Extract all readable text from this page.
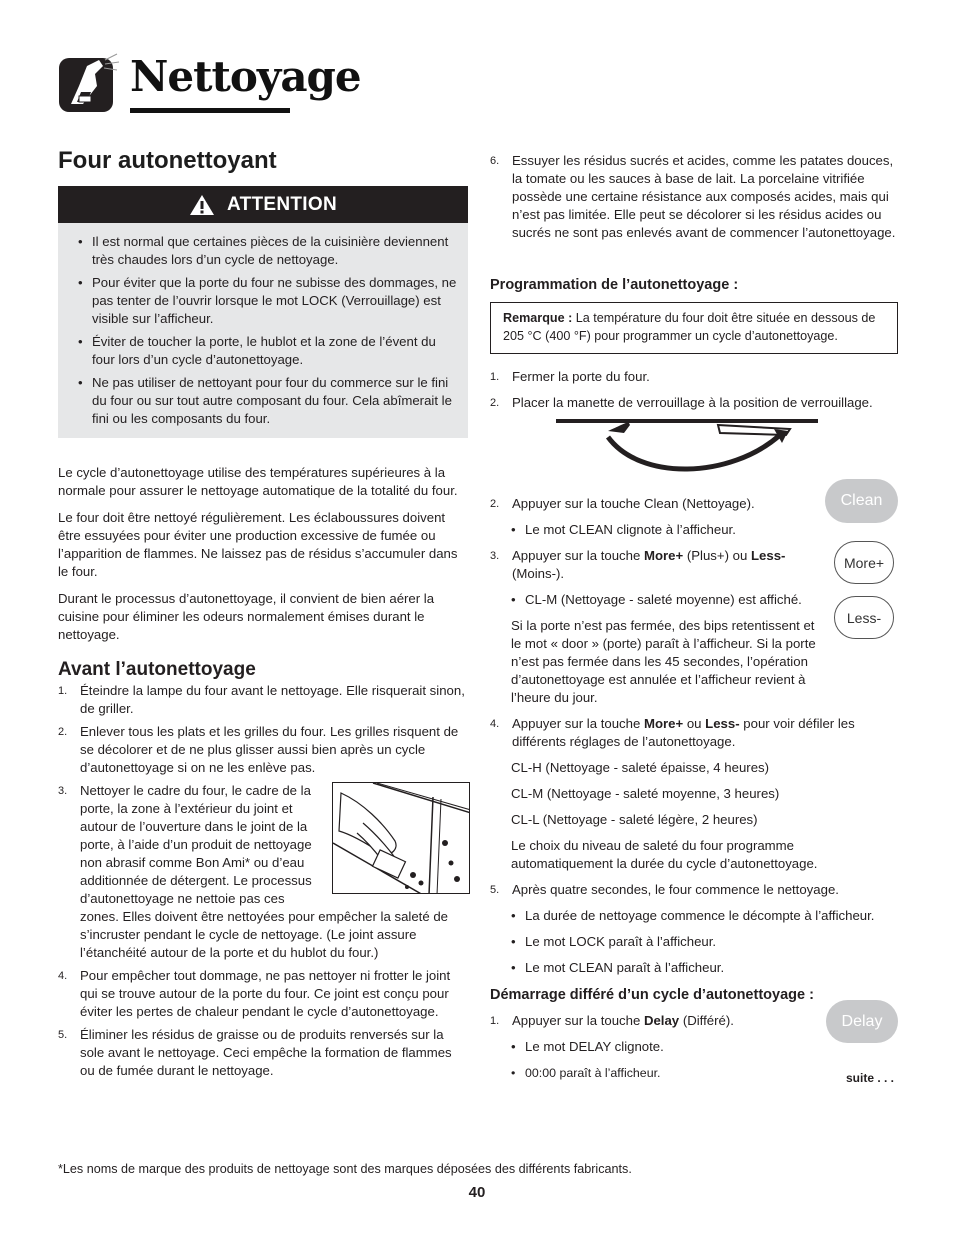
Nettoyage
Four autonettoyant
ATTENTION
• Il est normal que certaines pièces de la cuisinière deviennent très chaudes lors d’un cycle de nettoyage.
• Pour éviter que la porte du four ne subisse des dommages, ne pas tenter de l’ouvrir lorsque le mot LOCK (Verrouillage) est visible sur l’afficheur.
• Éviter de toucher la porte, le hublot et la zone de l’évent du four lors d’un cycle d’autonettoyage.
• Ne pas utiliser de nettoyant pour four du commerce sur le fini du four ou sur tout autre composant du four. Cela abîmerait le fini ou les composants du four.

Le cycle d’autonettoyage utilise des températures supérieures à la normale pour assurer le nettoyage automatique de la totalité du four.

Le four doit être nettoyé régulièrement. Les éclaboussures doivent être essuyées pour éviter une production excessive de fumée ou l’apparition de flammes. Ne laissez pas de résidus s’accumuler dans le four.

Durant le processus d’autonettoyage, il convient de bien aérer la cuisine pour éliminer les odeurs normalement émises durant le nettoyage.

Avant l’autonettoyage
1. Éteindre la lampe du four avant le nettoyage. Elle risquerait sinon, de griller.
2. Enlever tous les plats et les grilles du four. Les grilles risquent de se décolorer et de ne plus glisser aussi bien après un cycle d’autonettoyage si on ne les enlève pas.
3. Nettoyer le cadre du four, le cadre de la porte, la zone à l’extérieur du joint et autour de l’ouverture dans le joint de la porte, à l’aide d’un produit de nettoyage non abrasif comme Bon Ami* ou d’eau additionnée de détergent. Le processus d’autonettoyage ne nettoie pas ces zones. Elles doivent être nettoyées pour empêcher la saleté de s’incruster pendant le cycle de nettoyage. (Le joint assure l’étanchéité autour de la porte et du hublot du four.)
4. Pour empêcher tout dommage, ne pas nettoyer ni frotter le joint qui se trouve autour de la porte du four. Ce joint est conçu pour éviter les pertes de chaleur pendant le cycle d’autonettoyage.
5. Éliminer les résidus de graisse ou de produits renversés sur la sole avant le nettoyage. Ceci empêche la formation de flammes ou de fumée durant le nettoyage.
6. Essuyer les résidus sucrés et acides, comme les patates douces, la tomate ou les sauces à base de lait. La porcelaine vitrifiée possède une certaine résistance aux composés acides, mais qui n’est pas limitée. Elle peut se décolorer si les résidus acides ou sucrés ne sont pas enlevés avant de commencer l’autonettoyage.
Programmation de l’autonettoyage :
Remarque : La température du four doit être située en dessous de 205 °C (400 °F) pour programmer un cycle d’autonettoyage.
1. Fermer la porte du four.
2. Placer la manette de verrouillage à la position de verrouillage.
2. Appuyer sur la touche Clean (Nettoyage).
• Le mot CLEAN clignote à l’afficheur.
3. Appuyer sur la touche More+ (Plus+) ou Less- (Moins-).
• CL-M (Nettoyage - saleté moyenne) est affiché.
Si la porte n’est pas fermée, des bips retentissent et le mot « door » (porte) paraît à l’afficheur. Si la porte n’est pas fermée dans les 45 secondes, l’opération d’autonettoyage est annulée et l’afficheur revient à l’heure du jour.
4. Appuyer sur la touche More+ ou Less- pour voir défiler les différents réglages de l’autonettoyage.
CL-H (Nettoyage - saleté épaisse, 4 heures)
CL-M (Nettoyage - saleté moyenne, 3 heures)
CL-L (Nettoyage - saleté légère, 2 heures)
Le choix du niveau de saleté du four programme automatiquement la durée du cycle d’autonettoyage.
5. Après quatre secondes, le four commence le nettoyage.
• La durée de nettoyage commence le décompte à l’afficheur.
• Le mot LOCK paraît à l’afficheur.
• Le mot CLEAN paraît à l’afficheur.
Démarrage différé d’un cycle d’autonettoyage :
1. Appuyer sur la touche Delay (Différé).
• Le mot DELAY clignote.
• 00:00 paraît à l’afficheur.
Clean
More+
Less-
Delay
suite . . .
*Les noms de marque des produits de nettoyage sont des marques déposées des différents fabricants.
40
